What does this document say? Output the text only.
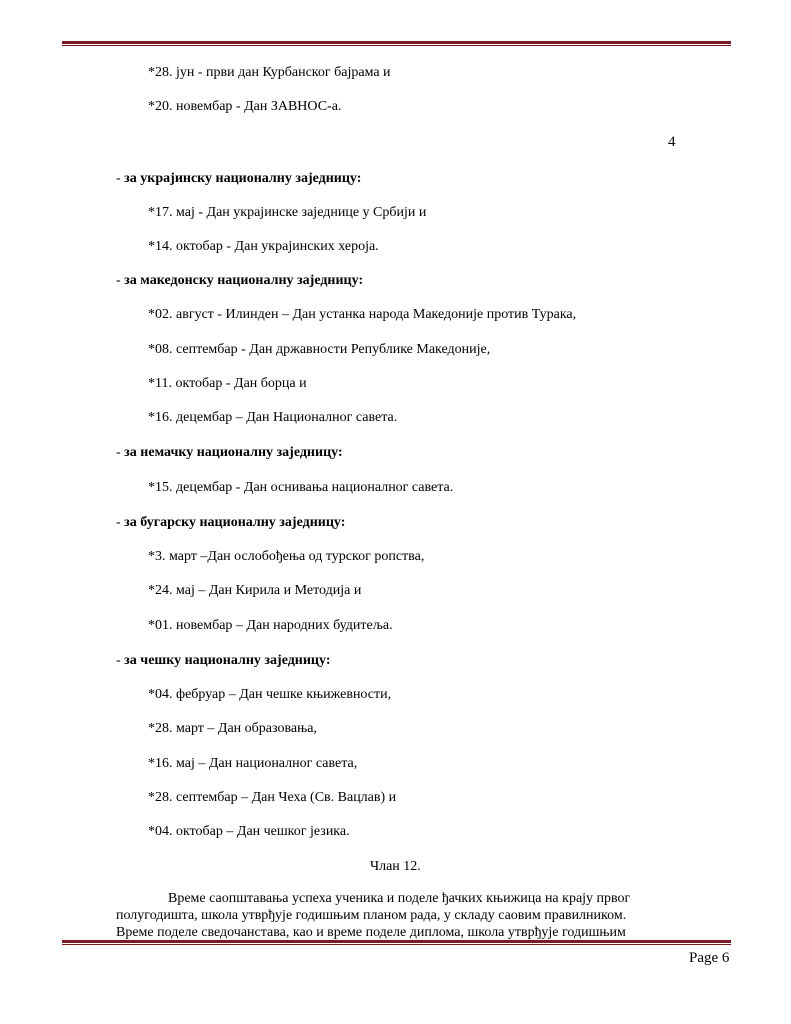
*28. јун - први дан Курбанског бајрама и
*20. новембар - Дан ЗАВНОС-а.
4
- за украјинску националну заједницу:
*17. мај - Дан украјинске заједнице у Србији и
*14. октобар - Дан украјинских хероја.
- за македонску националну заједницу:
*02. август - Илинден – Дан устанка народа Македоније против Турака,
*08. септембар - Дан државности Републике Македоније,
*11. октобар - Дан борца и
*16. децембар – Дан Националног савета.
- за немачку националну заједницу:
*15. децембар - Дан оснивања националног савета.
- за бугарску националну заједницу:
*3. март –Дан ослобођења од турског ропства,
*24. мај – Дан Кирила и Методија и
*01. новембар – Дан народних будитеља.
- за чешку националну заједницу:
*04. фебруар – Дан чешке књижевности,
*28. март – Дан образовања,
*16. мај – Дан националног савета,
*28. септембар – Дан Чеха (Св. Вацлав) и
*04. октобар – Дан чешког језика.
Члан 12.
Време саопштавања успеха ученика и поделе ђачких књижица на крају првог
полугодишта, школа утврђује годишњим планом рада, у складу саовим правилником.
Време поделе сведочанстава, као и време поделе диплома, школа утврђује годишњим
Page 6
